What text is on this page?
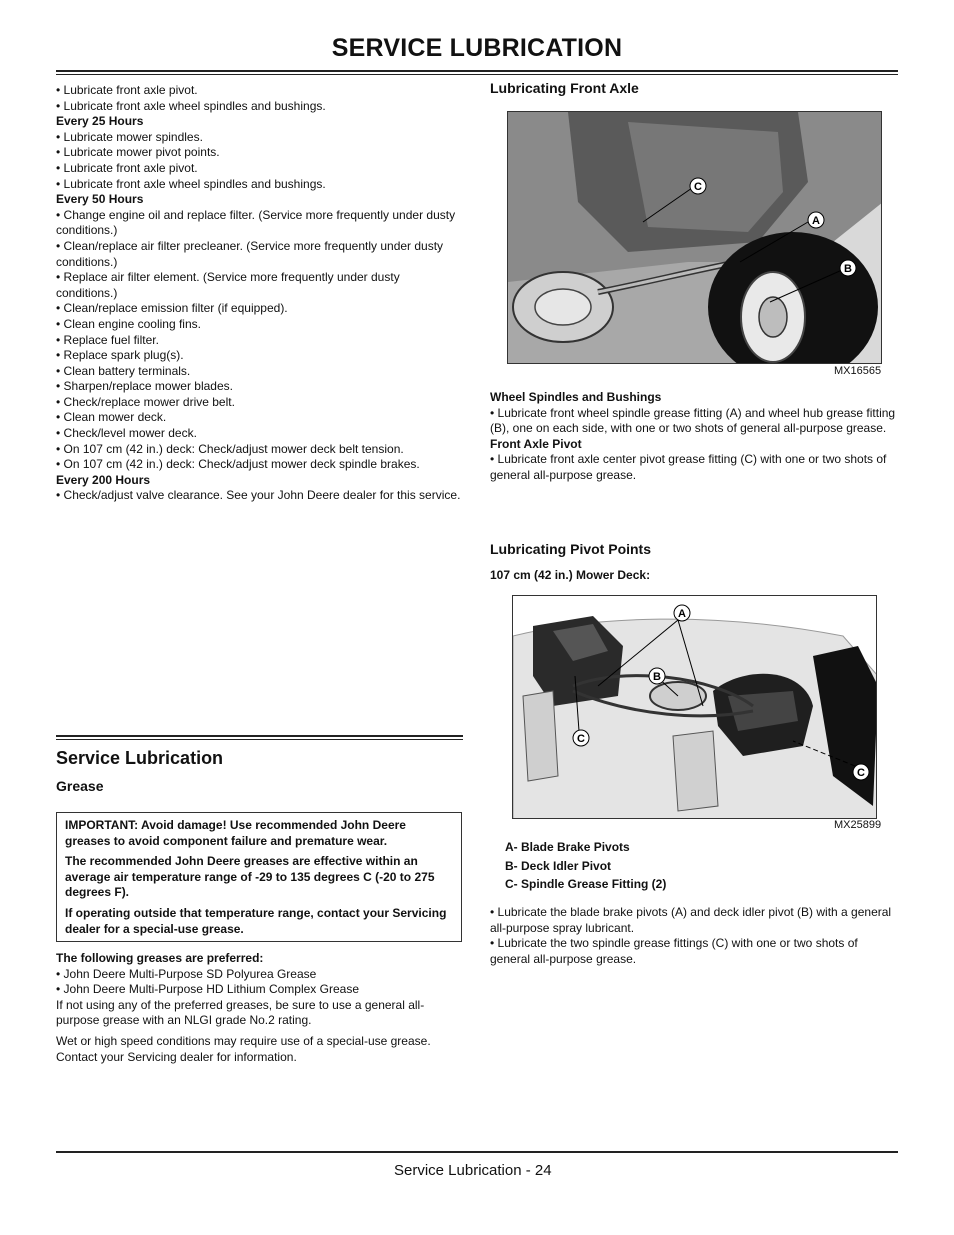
SERVICE LUBRICATION

• Lubricate front axle pivot.

• Lubricate front axle wheel spindles and bushings.

Every 25 Hours

• Lubricate mower spindles.

• Lubricate mower pivot points.

• Lubricate front axle pivot.

• Lubricate front axle wheel spindles and bushings.

Every 50 Hours

• Change engine oil and replace filter. (Service more frequently under dusty conditions.)

• Clean/replace air filter precleaner. (Service more frequently under dusty conditions.)

• Replace air filter element. (Service more frequently under dusty conditions.)

• Clean/replace emission filter (if equipped).

• Clean engine cooling fins.

• Replace fuel filter.

• Replace spark plug(s).

• Clean battery terminals.

• Sharpen/replace mower blades.

• Check/replace mower drive belt.

• Clean mower deck.

• Check/level mower deck.

• On 107 cm (42 in.) deck: Check/adjust mower deck belt tension.

• On 107 cm (42 in.) deck: Check/adjust mower deck spindle brakes.

Every 200 Hours

• Check/adjust valve clearance. See your John Deere dealer for this service.

Service Lubrication

Grease

IMPORTANT: Avoid damage! Use recommended John Deere greases to avoid component failure and premature wear.

The recommended John Deere greases are effective within an average air temperature range of -29 to 135 degrees C (-20 to 275 degrees F).

If operating outside that temperature range, contact your Servicing dealer for a special-use grease.

The following greases are preferred:

• John Deere Multi-Purpose SD Polyurea Grease

• John Deere Multi-Purpose HD Lithium Complex Grease

If not using any of the preferred greases, be sure to use a general all-purpose grease with an NLGI grade No.2 rating.

Wet or high speed conditions may require use of a special-use grease. Contact your Servicing dealer for information.

Lubricating Front Axle

C
A
B
MX16565

Wheel Spindles and Bushings

• Lubricate front wheel spindle grease fitting (A) and wheel hub grease fitting (B), one on each side, with one or two shots of general all-purpose grease.

Front Axle Pivot

• Lubricate front axle center pivot grease fitting (C) with one or two shots of general all-purpose grease.

Lubricating Pivot Points

107 cm (42 in.) Mower Deck:

A
B
C
C
MX25899
A- Blade Brake Pivots
B- Deck Idler Pivot
C- Spindle Grease Fitting (2)

• Lubricate the blade brake pivots (A) and deck idler pivot (B) with a general all-purpose spray lubricant.

• Lubricate the two spindle grease fittings (C) with one or two shots of general all-purpose grease.

Service Lubrication - 24
